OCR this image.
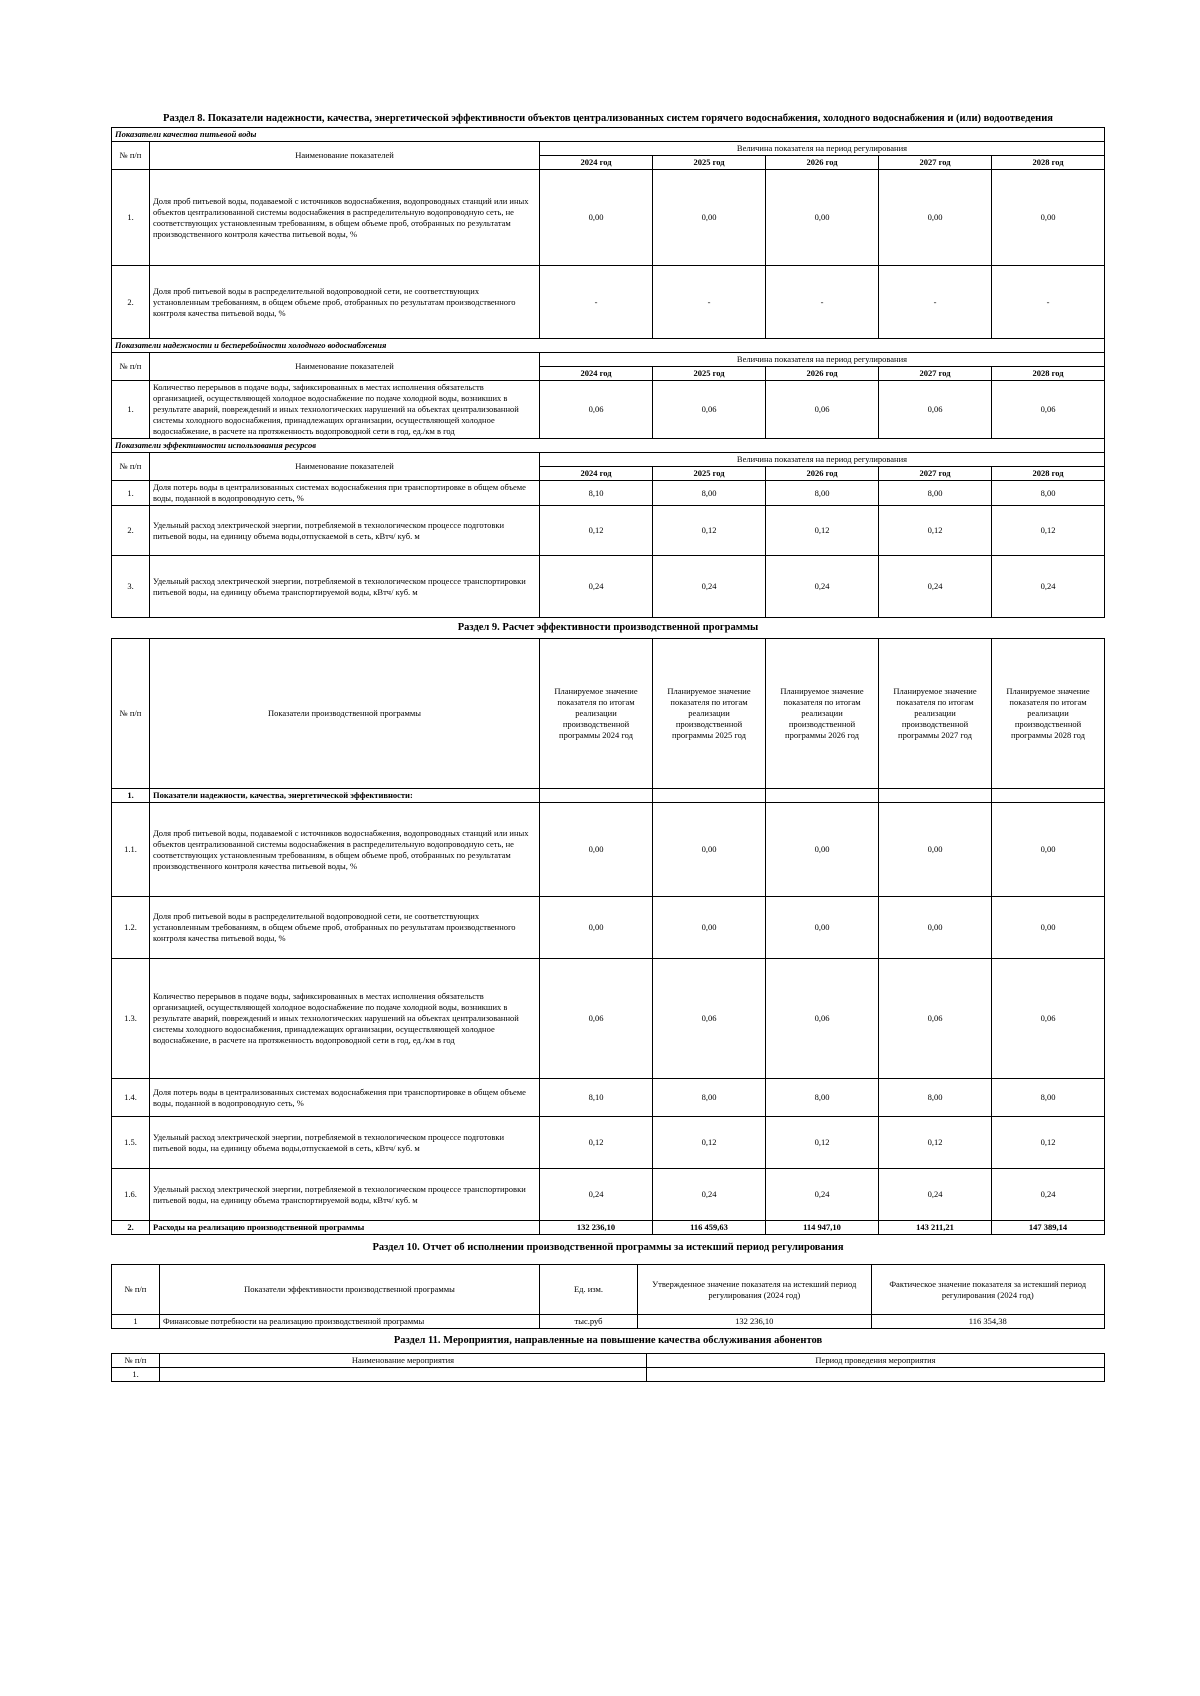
Раздел 8. Показатели надежности, качества, энергетической эффективности объектов централизованных систем горячего водоснабжения, холодного водоснабжения и (или) водоотведения
Показатели качества питьевой воды						
№ п/п	Наименование показателей	Величина показателя на период регулирования				
		2024 год	2025 год	2026 год	2027 год	2028 год
1.	Доля проб питьевой воды, подаваемой с источников водоснабжения, водопроводных станций или иных объектов централизованной системы водоснабжения в распределительную водопроводную сеть, не соответствующих установленным требованиям, в общем объеме проб, отобранных по результатам производственного контроля качества питьевой воды, %	0,00	0,00	0,00	0,00	0,00
2.	Доля проб питьевой воды в распределительной водопроводной сети, не соответствующих установленным требованиям, в общем объеме проб, отобранных по результатам производственного контроля качества питьевой воды, %	-	-	-	-	-
Показатели надежности и бесперебойности холодного водоснабжения						
№ п/п	Наименование показателей	Величина показателя на период регулирования				
		2024 год	2025 год	2026 год	2027 год	2028 год
1.	Количество перерывов в подаче воды, зафиксированных в местах исполнения обязательств организацией, осуществляющей холодное водоснабжение по подаче холодной воды, возникших в результате аварий, повреждений и иных технологических нарушений на объектах централизованной системы холодного водоснабжения, принадлежащих организации, осуществляющей холодное водоснабжение, в расчете на протяженность водопроводной сети в год, ед./км в год	0,06	0,06	0,06	0,06	0,06
Показатели эффективности использования ресурсов						
№ п/п	Наименование показателей	Величина показателя на период регулирования				
		2024 год	2025 год	2026 год	2027 год	2028 год
1.	Доля потерь воды в централизованных системах водоснабжения при транспортировке в общем объеме воды, поданной в водопроводную сеть, %	8,10	8,00	8,00	8,00	8,00
2.	Удельный расход электрической энергии, потребляемой в технологическом процессе подготовки питьевой воды, на единицу объема воды,отпускаемой в сеть, кВтч/ куб. м	0,12	0,12	0,12	0,12	0,12
3.	Удельный расход электрической энергии, потребляемой в технологическом процессе транспортировки питьевой воды, на единицу объема транспортируемой воды, кВтч/ куб. м	0,24	0,24	0,24	0,24	0,24
Раздел 9. Расчет эффективности производственной программы
№ п/п	Показатели производственной программы	Планируемое значение показателя по итогам реализации производственной программы 2024 год	Планируемое значение показателя по итогам реализации производственной программы 2025 год	Планируемое значение показателя по итогам реализации производственной программы 2026 год	Планируемое значение показателя по итогам реализации производственной программы 2027 год	Планируемое значение показателя по итогам реализации производственной программы 2028 год
1.	Показатели надежности, качества, энергетической эффективности:					
1.1.	Доля проб питьевой воды, подаваемой с источников водоснабжения, водопроводных станций или иных объектов централизованной системы водоснабжения в распределительную водопроводную сеть, не соответствующих установленным требованиям, в общем объеме проб, отобранных по результатам производственного контроля качества питьевой воды, %	0,00	0,00	0,00	0,00	0,00
1.2.	Доля проб питьевой воды в распределительной водопроводной сети, не соответствующих установленным требованиям, в общем объеме проб, отобранных по результатам производственного контроля качества питьевой воды, %	0,00	0,00	0,00	0,00	0,00
1.3.	Количество перерывов в подаче воды, зафиксированных в местах исполнения обязательств организацией, осуществляющей холодное водоснабжение по подаче холодной воды, возникших в результате аварий, повреждений и иных технологических нарушений на объектах централизованной системы холодного водоснабжения, принадлежащих организации, осуществляющей холодное водоснабжение, в расчете на протяженность водопроводной сети в год, ед./км в год	0,06	0,06	0,06	0,06	0,06
1.4.	Доля потерь воды в централизованных системах водоснабжения при транспортировке в общем объеме воды, поданной в водопроводную сеть, %	8,10	8,00	8,00	8,00	8,00
1.5.	Удельный расход электрической энергии, потребляемой в технологическом процессе подготовки питьевой воды, на единицу объема воды,отпускаемой в сеть, кВтч/ куб. м	0,12	0,12	0,12	0,12	0,12
1.6.	Удельный расход электрической энергии, потребляемой в технологическом процессе транспортировки питьевой воды, на единицу объема транспортируемой воды, кВтч/ куб. м	0,24	0,24	0,24	0,24	0,24
2.	Расходы на реализацию производственной программы	132 236,10	116 459,63	114 947,10	143 211,21	147 389,14
Раздел 10. Отчет об исполнении производственной программы за истекший период регулирования
№ п/п	Показатели эффективности производственной программы	Ед. изм.	Утвержденное значение показателя на истекший период регулирования (2024 год)	Фактическое значение показателя за истекший период регулирования (2024 год)
1	Финансовые потребности на реализацию производственной программы	тыс.руб	132 236,10	116 354,38
Раздел 11. Мероприятия, направленные на повышение качества обслуживания абонентов
№ п/п	Наименование мероприятия	Период проведения мероприятия
1.		
